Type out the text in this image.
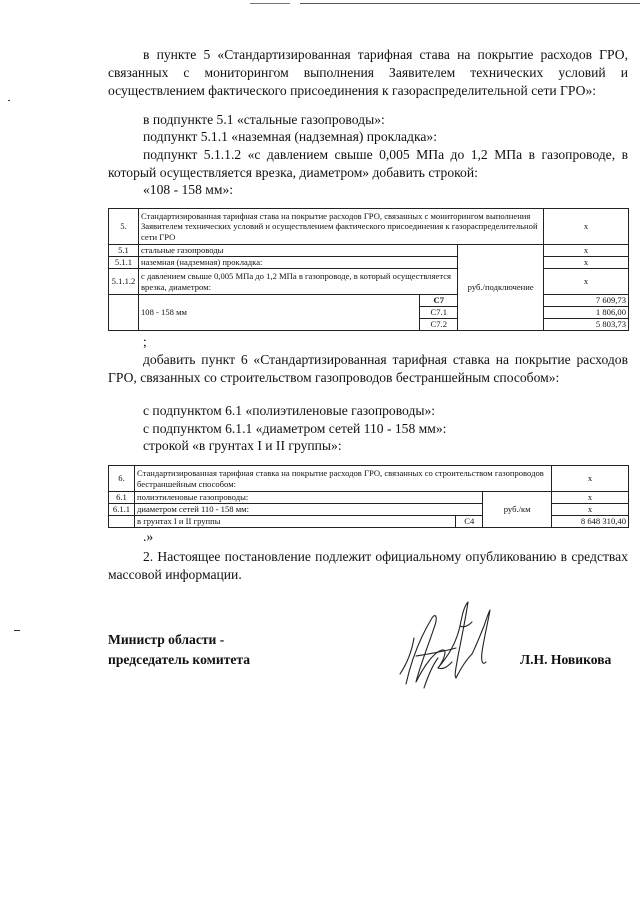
в пункте 5 «Стандартизированная тарифная става на покрытие расходов ГРО, связанных с мониторингом выполнения Заявителем технических условий и осуществлением фактического присоединения к газораспределительной сети ГРО»:
в подпункте 5.1 «стальные газопроводы»:
подпункт 5.1.1 «наземная (надземная) прокладка»:
подпункт 5.1.1.2 «с давлением свыше 0,005 МПа до 1,2 МПа в газопроводе, в который осуществляется врезка, диаметром» добавить строкой:
«108 - 158 мм»:
5.	Стандартизированная тарифная става на покрытие расходов ГРО, связанных с мониторингом выполнения Заявителем технических условий и осуществлением фактического присоединения к газораспределительной сети ГРО			x
5.1	стальные газопроводы		руб./подключение	x
5.1.1	наземная (надземная) прокладка:			x
5.1.1.2	с давлением свыше 0,005 МПа до 1,2 МПа в газопроводе, в который осуществляется врезка, диаметром:			x
	108 - 158 мм	С7		7 609,73
		С7.1		1 806,00
		С7.2		5 803,73
;
добавить пункт 6 «Стандартизированная тарифная ставка на покрытие расходов ГРО, связанных со строительством газопроводов бестраншейным способом»:
с подпунктом 6.1 «полиэтиленовые газопроводы»:
с подпунктом 6.1.1 «диаметром сетей 110 - 158 мм»:
строкой «в грунтах I и II группы»:
6.	Стандартизированная тарифная ставка на покрытие расходов ГРО, связанных со строительством газопроводов бестраншейным способом:			x
6.1	полиэтиленовые газопроводы:		руб./км	x
6.1.1	диаметром сетей 110 - 158 мм:			x
	в грунтах I и II группы	С4		8 648 310,40
.»
2. Настоящее постановление подлежит официальному опубликованию в средствах массовой информации.
Министр области -
председатель комитета	Л.Н. Новикова
